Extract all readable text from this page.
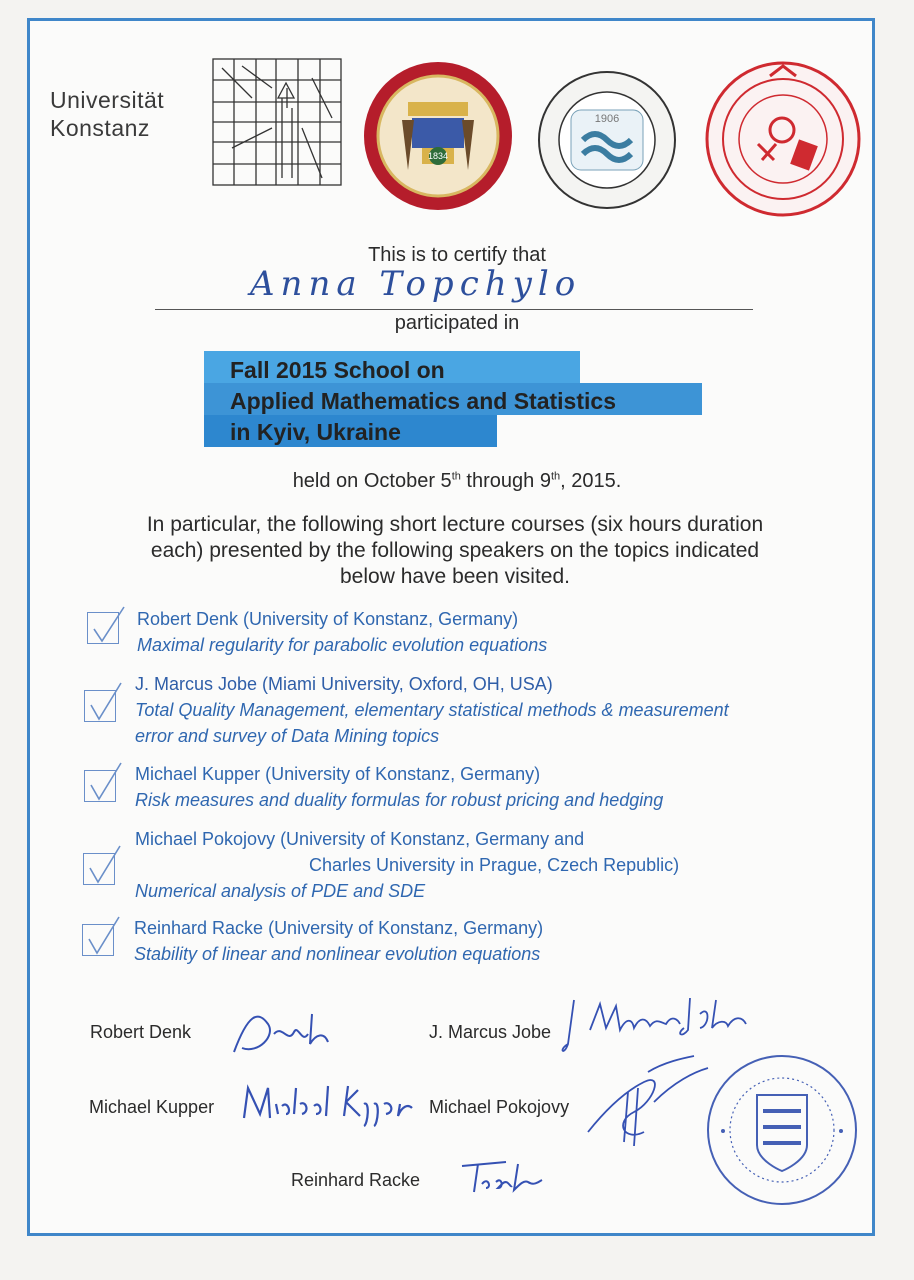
Universität
Konstanz
1834
1906
This is to certify that
Anna Topchylo
participated in
Fall 2015 School on
Applied Mathematics and Statistics
in Kyiv, Ukraine
held on October 5th through 9th, 2015.
In particular, the following short lecture courses (six hours duration
each) presented by the following speakers on the topics indicated
below have been visited.
Robert Denk (University of Konstanz, Germany)
Maximal regularity for parabolic evolution equations
J. Marcus Jobe (Miami University, Oxford, OH, USA)
Total Quality Management, elementary statistical methods & measurement
error and survey of Data Mining topics
Michael Kupper (University of Konstanz, Germany)
Risk measures and duality formulas for robust pricing and hedging
Michael Pokojovy (University of Konstanz, Germany and
Charles University in Prague, Czech Republic)
Numerical analysis of PDE and SDE
Reinhard Racke (University of Konstanz, Germany)
Stability of linear and nonlinear evolution equations
Robert Denk	J. Marcus Jobe
Michael Kupper	Michael Pokojovy
Reinhard Racke
